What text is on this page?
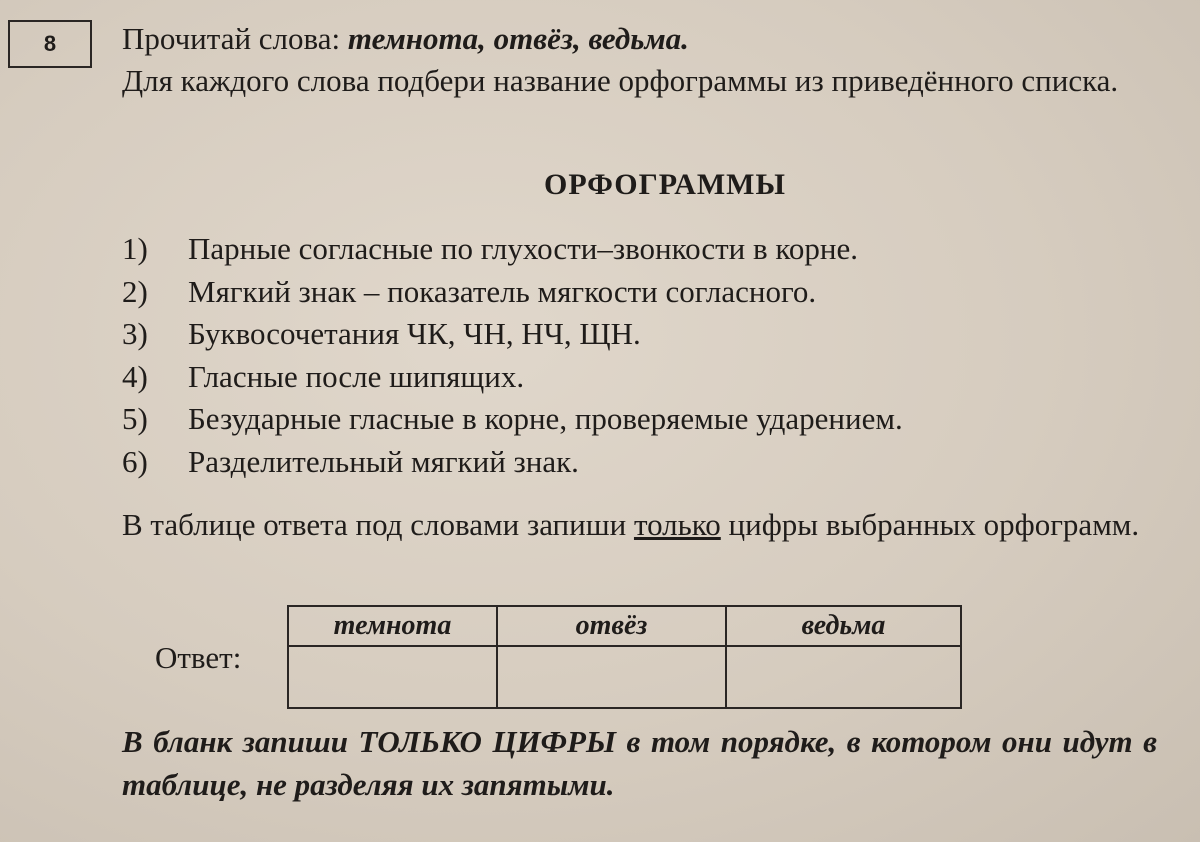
8 Прочитай слова: темнота, отвёз, ведьма.
Для каждого слова подбери название орфограммы из приведённого списка.
ОРФОГРАММЫ
1)	Парные согласные по глухости–звонкости в корне.
2)	Мягкий знак – показатель мягкости согласного.
3)	Буквосочетания ЧК, ЧН, НЧ, ЩН.
4)	Гласные после шипящих.
5)	Безударные гласные в корне, проверяемые ударением.
6)	Разделительный мягкий знак.
В таблице ответа под словами запиши только цифры выбранных орфограмм.
Ответ:
темнота	отвёз	ведьма

В бланк запиши ТОЛЬКО ЦИФРЫ в том порядке, в котором они идут в таблице, не разделяя их запятыми.
